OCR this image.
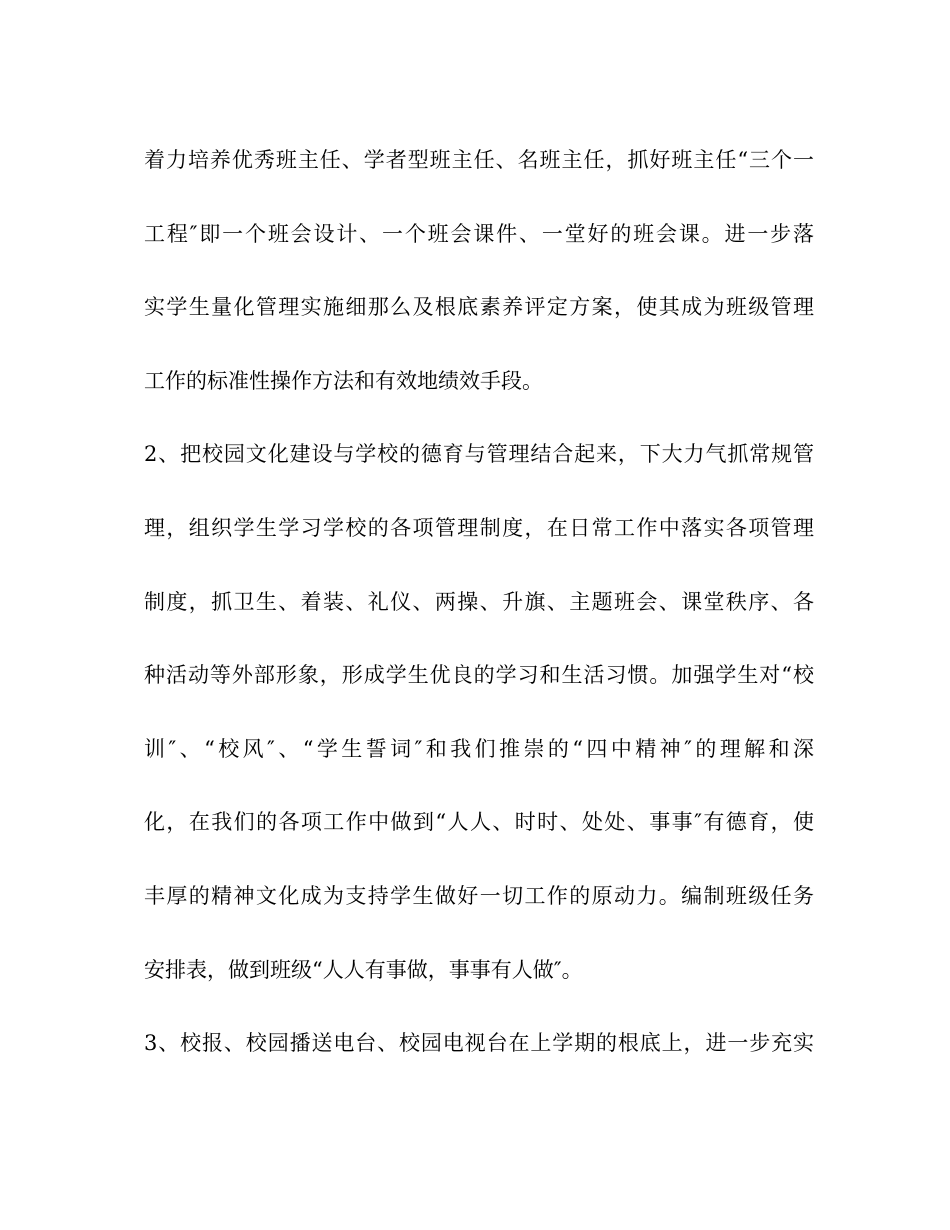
着力培养优秀班主任、学者型班主任、名班主任，抓好班主任“三个一
工程″即一个班会设计、一个班会课件、一堂好的班会课。进一步落
实学生量化管理实施细那么及根底素养评定方案，使其成为班级管理
工作的标准性操作方法和有效地绩效手段。
2、把校园文化建设与学校的德育与管理结合起来，下大力气抓常规管
理，组织学生学习学校的各项管理制度，在日常工作中落实各项管理
制度，抓卫生、着装、礼仪、两操、升旗、主题班会、课堂秩序、各
种活动等外部形象，形成学生优良的学习和生活习惯。加强学生对“校
训″、“校风″、“学生誓词″和我们推崇的“四中精神″的理解和深
化，在我们的各项工作中做到“人人、时时、处处、事事″有德育，使
丰厚的精神文化成为支持学生做好一切工作的原动力。编制班级任务
安排表，做到班级“人人有事做，事事有人做″。
3、校报、校园播送电台、校园电视台在上学期的根底上，进一步充实
